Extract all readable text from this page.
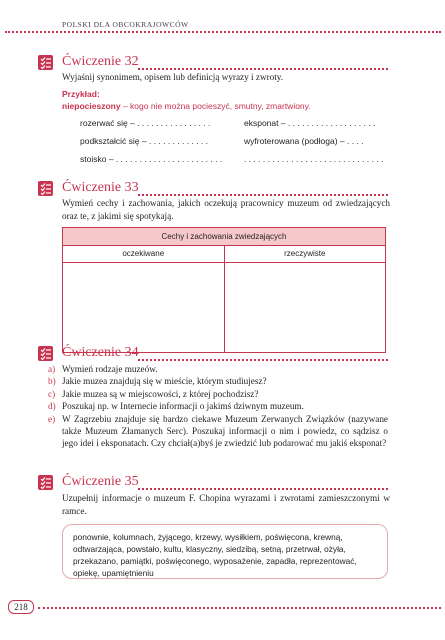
POLSKI DLA OBCOKRAJOWCÓW
Ćwiczenie 32
Wyjaśnij synonimem, opisem lub definicją wyrazy i zwroty.
Przykład:
niepocieszony – kogo nie można pocieszyć, smutny, zmartwiony.
rozerwać się – . . . . . . . . . . . . . . . .	eksponat – . . . . . . . . . . . . . . . . . . .
podkształcić się – . . . . . . . . . . . . .	wyfroterowana (podłoga) – . . . .
stoisko – . . . . . . . . . . . . . . . . . . . . . . .	. . . . . . . . . . . . . . . . . . . . . . . . . . . . . .
Ćwiczenie 33
Wymień cechy i zachowania, jakich oczekują pracownicy muzeum od zwiedzających oraz te, z jakimi się spotykają.
Cechy i zachowania zwiedzających
oczekiwane	rzeczywiste
Ćwiczenie 34
a) Wymień rodzaje muzeów.
b) Jakie muzea znajdują się w mieście, którym studiujesz?
c) Jakie muzea są w miejscowości, z której pochodzisz?
d) Poszukaj np. w Internecie informacji o jakimś dziwnym muzeum.
e) W Zagrzebiu znajduje się bardzo ciekawe Muzeum Zerwanych Związków (nazywane także Muzeum Złamanych Serc). Poszukaj informacji o nim i powiedz, co sądzisz o jego idei i eksponatach. Czy chciał(a)byś je zwiedzić lub podarować mu jakiś eksponat?
Ćwiczenie 35
Uzupełnij informacje o muzeum F. Chopina wyrazami i zwrotami zamieszczonymi w ramce.
ponownie, kolumnach, żyjącego, krzewy, wysiłkiem, poświęcona, krewną, odtwarzająca, powstało, kultu, klasyczny, siedzibą, setną, przetrwał, ożyła, przekazano, pamiątki, poświęconego, wyposażenie, zapadła, reprezentować, opiekę, upamiętnieniu
218
